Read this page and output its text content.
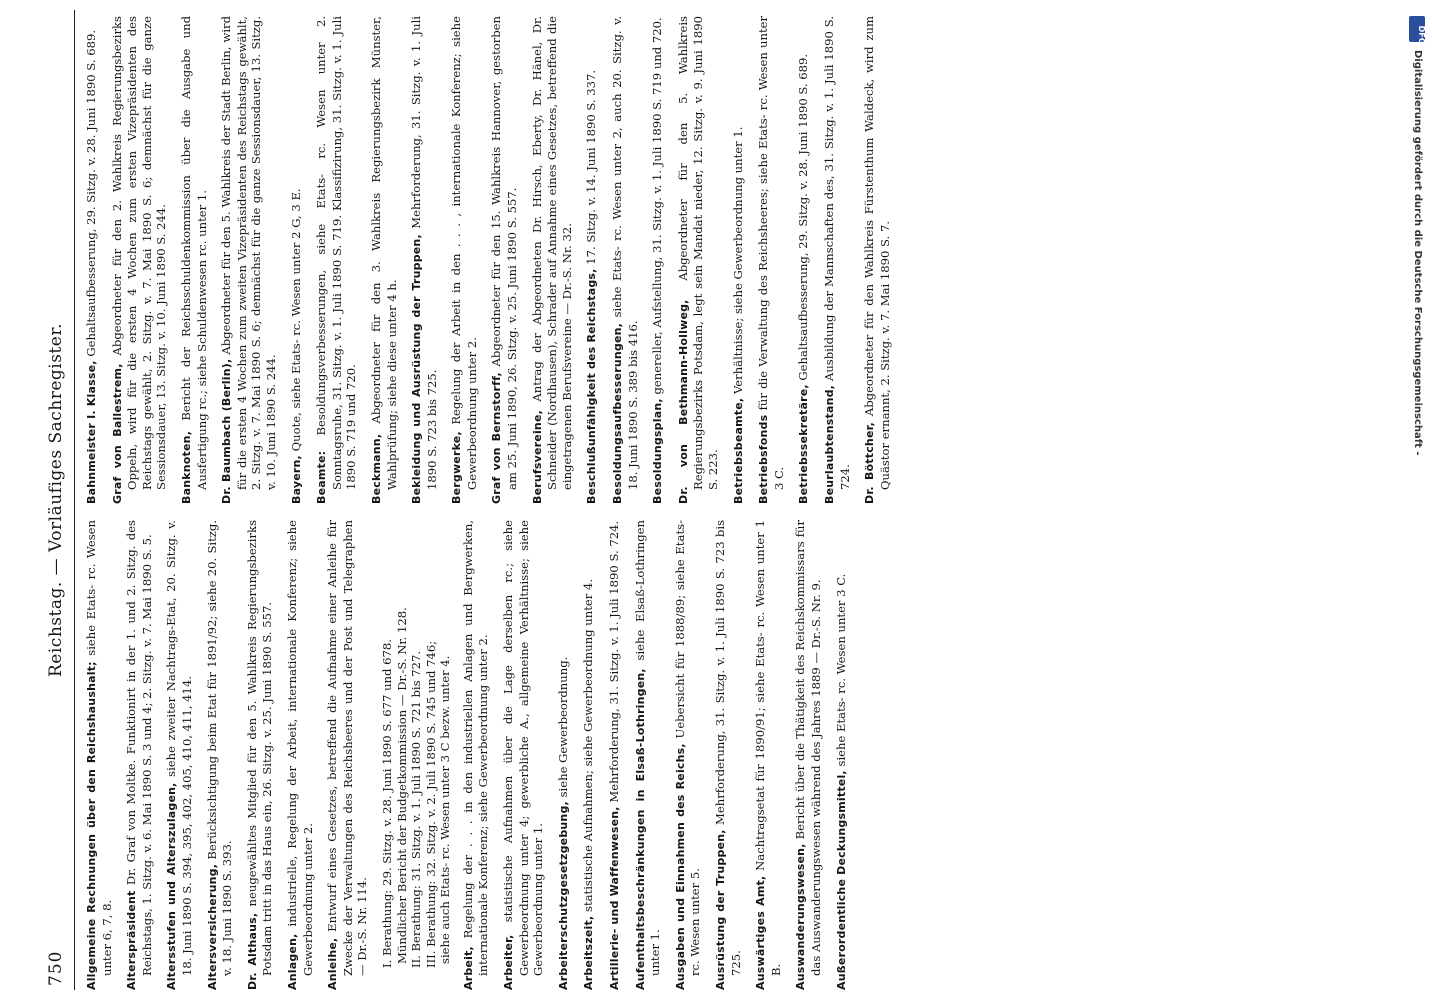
750
Reichstag. — Vorläufiges Sachregister.
Allgemeine Rechnungen über den Reichshaushalt; siehe Etats- rc. Wesen unter 6, 7, 8. Alterspräsident Dr. Graf von Moltke. Funktionirt in der 1. und 2. Sitzg. des Reichstags, 1. Sitzg. v. 6. Mai 1890 S. 3 und 4; 2. Sitzg. v. 7. Mai 1890 S. 5. Altersstufen und Alterszulagen, siehe zweiter Nachtrags-Etat, 20. Sitzg. v. 18. Juni 1890 S. 394, 395, 402, 405, 410, 411, 414. Altersversicherung, Berücksichtigung beim Etat für 1891/92; siehe 20. Sitzg. v. 18. Juni 1890 S. 393. Dr. Althaus, neugewähltes Mitglied für den 5. Wahlkreis Regierungsbezirks Potsdam tritt in das Haus ein, 26. Sitzg. v. 25. Juni 1890 S. 557. Anlagen, industrielle, Regelung der Arbeit, internationale Konferenz; siehe Gewerbeordnung unter 2. Anleihe, Entwurf eines Gesetzes, betreffend die Aufnahme einer Anleihe für Zwecke der Verwaltungen des Reichsheeres und der Post und Telegraphen — Dr.-S. Nr. 114. I. Berathung:29. Sitzg. v. 28. Juni 1890 S. 677 und 678. Mündlicher Bericht der Budgetkommission — Dr.-S. Nr. 128. II. Berathung:31. Sitzg. v. 1. Juli 1890 S. 721 bis 727.
III. Berathung:32. Sitzg. v. 2. Juli 1890 S. 745 und 746; siehe auch Etats- rc. Wesen unter 3 C bezw. unter 4.
Arbeit, Regelung der . . . in den industriellen Anlagen und Bergwerken, internationale Konferenz; siehe Gewerbeordnung unter 2. Arbeiter, statistische Aufnahmen über die Lage derselben rc.; siehe Gewerbeordnung unter 4; gewerbliche A., allgemeine Verhältnisse; siehe Gewerbeordnung unter 1. Arbeiterschutzgesetzgebung, siehe Gewerbeordnung.
Arbeitszeit, statistische Aufnahmen; siehe Gewerbeordnung unter 4. Artillerie- und Waffenwesen, Mehrforderung, 31. Sitzg. v. 1. Juli 1890 S. 724.
Aufenthaltsbeschränkungen in Elsaß-Lothringen, siehe Elsaß-Lothringen unter 1. Ausgaben und Einnahmen des Reichs, Uebersicht für 1888/89; siehe Etats- rc. Wesen unter 5. Ausrüstung der Truppen, Mehrforderung, 31. Sitzg. v. 1. Juli 1890 S. 723 bis 725. Auswärtiges Amt, Nachtragsetat für 1890/91; siehe Etats- rc. Wesen unter 1 B. Auswanderungswesen, Bericht über die Thätigkeit des Reichskommissars für das Auswanderungswesen während des Jahres 1889 — Dr.-S. Nr. 9. Außerordentliche Deckungsmittel, siehe Etats- rc. Wesen unter 3 C.
Bahnmeister I. Klasse, Gehaltsaufbesserung, 29. Sitzg. v. 28. Juni 1890 S. 689.
Graf von Ballestrem, Abgeordneter für den 2. Wahlkreis Regierungsbezirks Oppeln, wird für die ersten 4 Wochen zum ersten Vizepräsidenten des Reichstags gewählt, 2. Sitzg. v. 7. Mai 1890 S. 6; demnächst für die ganze Sessionsdauer, 13. Sitzg. v. 10. Juni 1890 S. 244. Banknoten, Bericht der Reichsschuldenkommission über die Ausgabe und Ausfertigung rc.; siehe Schuldenwesen rc. unter 1. Dr. Baumbach (Berlin), Abgeordneter für den 5. Wahlkreis der Stadt Berlin, wird für die ersten 4 Wochen zum zweiten Vizepräsidenten des Reichstags gewählt, 2. Sitzg. v. 7. Mai 1890 S. 6; demnächst für die ganze Sessionsdauer, 13. Sitzg. v. 10. Juni 1890 S. 244. Bayern, Quote, siehe Etats- rc. Wesen unter 2 G, 3 E.
Beamte: Besoldungsverbesserungen, siehe Etats- rc. Wesen unter 2. Sonntagsruhe, 31. Sitzg. v. 1. Juli 1890 S. 719. Klassifizirung, 31. Sitzg. v. 1. Juli 1890 S. 719 und 720. Beckmann, Abgeordneter für den 3. Wahlkreis Regierungsbezirk Münster, Wahlprüfung; siehe diese unter 4 h. Bekleidung und Ausrüstung der Truppen, Mehrforderung, 31. Sitzg. v. 1. Juli 1890 S. 723 bis 725. Bergwerke, Regelung der Arbeit in den . . . , internationale Konferenz; siehe Gewerbeordnung unter 2. Graf von Bernstorff, Abgeordneter für den 15. Wahlkreis Hannover, gestorben am 25. Juni 1890, 26. Sitzg. v. 25. Juni 1890 S. 557. Berufsvereine, Antrag der Abgeordneten Dr. Hirsch, Eberty, Dr. Hänel, Dr. Schneider (Nordhausen), Schrader auf Annahme eines Gesetzes, betreffend die eingetragenen Berufsvereine — Dr.-S. Nr. 32. Beschlußunfähigkeit des Reichstags, 17. Sitzg. v. 14. Juni 1890 S. 337.
Besoldungsaufbesserungen, siehe Etats- rc. Wesen unter 2, auch 20. Sitzg. v. 18. Juni 1890 S. 389 bis 416. Besoldungsplan, genereller, Aufstellung, 31. Sitzg. v. 1. Juli 1890 S. 719 und 720.
Dr. von Bethmann-Hollweg, Abgeordneter für den 5. Wahlkreis Regierungsbezirks Potsdam, legt sein Mandat nieder, 12. Sitzg. v. 9. Juni 1890 S. 223. Betriebsbeamte, Verhältnisse; siehe Gewerbeordnung unter 1.
Betriebsfonds für die Verwaltung des Reichsheeres; siehe Etats- rc. Wesen unter 3 C. Betriebssekretäre, Gehaltsaufbesserung, 29. Sitzg. v. 28. Juni 1890 S. 689.
Beurlaubtenstand, Ausbildung der Mannschaften des, 31. Sitzg. v. 1. Juli 1890 S. 724. Dr. Böttcher, Abgeordneter für den Wahlkreis Fürstenthum Waldeck, wird zum Quästor ernannt, 2. Sitzg. v. 7. Mai 1890 S. 7.
DFG
Digitalisierung gefördert durch die Deutsche Forschungsgemeinschaft -
